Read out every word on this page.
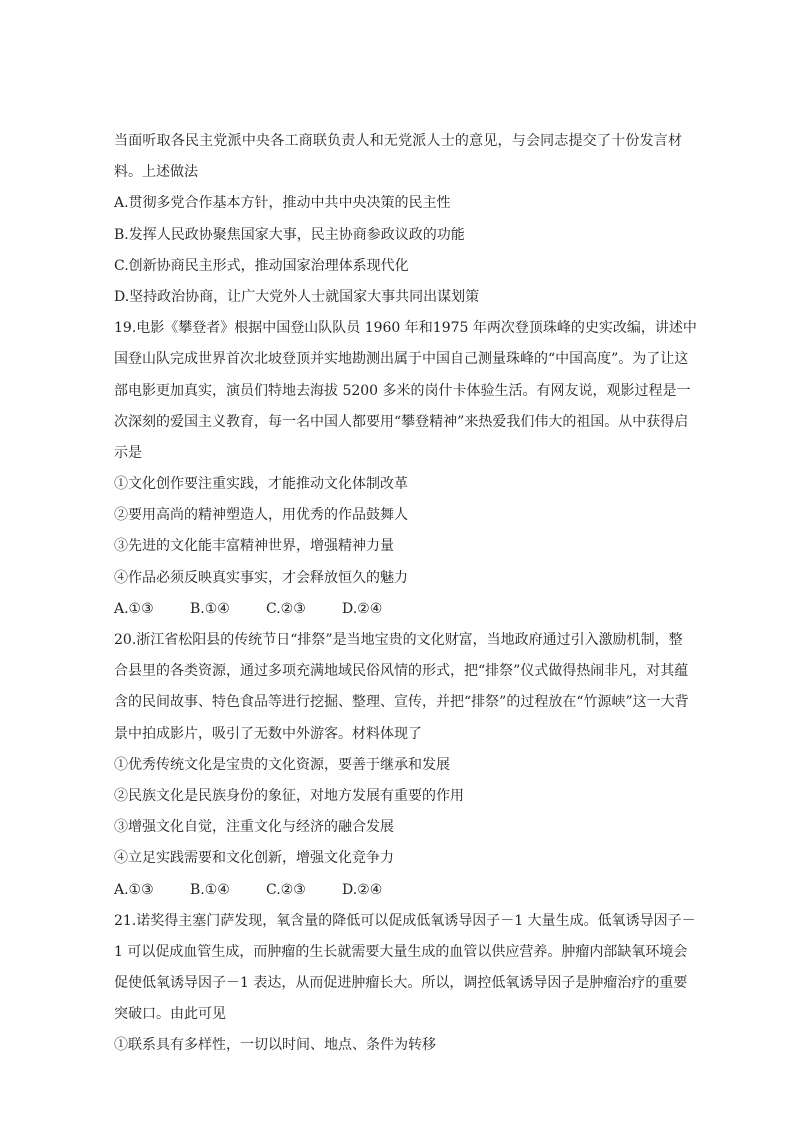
当面听取各民主党派中央各工商联负责人和无党派人士的意见，与会同志提交了十份发言材
料。上述做法
A.贯彻多党合作基本方针，推动中共中央决策的民主性
B.发挥人民政协聚焦国家大事，民主协商参政议政的功能
C.创新协商民主形式，推动国家治理体系现代化
D.坚持政治协商，让广大党外人士就国家大事共同出谋划策
19.电影《攀登者》根据中国登山队队员 1960 年和1975 年两次登顶珠峰的史实改编，讲述中
国登山队完成世界首次北坡登顶并实地勘测出属于中国自己测量珠峰的“中国高度”。为了让这
部电影更加真实，演员们特地去海拔 5200 多米的岗什卡体验生活。有网友说，观影过程是一
次深刻的爱国主义教育，每一名中国人都要用“攀登精神”来热爱我们伟大的祖国。从中获得启
示是
①文化创作要注重实践，才能推动文化体制改革
②要用高尚的精神塑造人，用优秀的作品鼓舞人
③先进的文化能丰富精神世界，增强精神力量
④作品必须反映真实事实，才会释放恒久的魅力
A.①③	B.①④	C.②③	D.②④
20.浙江省松阳县的传统节日“排祭”是当地宝贵的文化财富，当地政府通过引入激励机制，整
合县里的各类资源，通过多项充满地域民俗风情的形式，把“排祭”仪式做得热闹非凡，对其蕴
含的民间故事、特色食品等进行挖掘、整理、宣传，并把“排祭”的过程放在“竹源峡”这一大背
景中拍成影片，吸引了无数中外游客。材料体现了
①优秀传统文化是宝贵的文化资源，要善于继承和发展
②民族文化是民族身份的象征，对地方发展有重要的作用
③增强文化自觉，注重文化与经济的融合发展
④立足实践需要和文化创新，增强文化竞争力
A.①③	B.①④	C.②③	D.②④
21.诺奖得主塞门萨发现，氧含量的降低可以促成低氧诱导因子－1 大量生成。低氧诱导因子－
1 可以促成血管生成，而肿瘤的生长就需要大量生成的血管以供应营养。肿瘤内部缺氧环境会
促使低氧诱导因子－1 表达，从而促进肿瘤长大。所以，调控低氧诱导因子是肿瘤治疗的重要
突破口。由此可见
①联系具有多样性，一切以时间、地点、条件为转移
